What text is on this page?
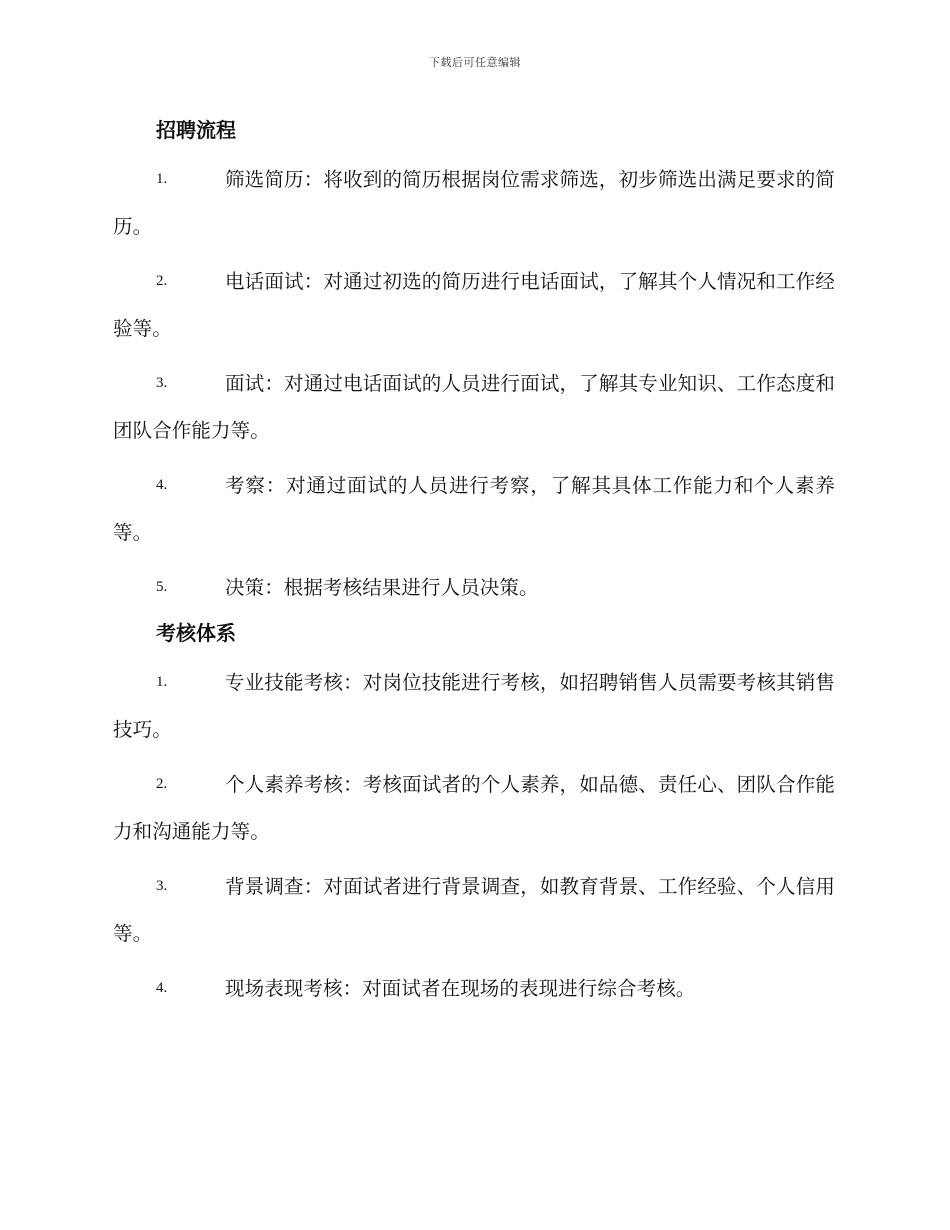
下载后可任意编辑
招聘流程
1.	筛选简历：将收到的简历根据岗位需求筛选，初步筛选出满足要求的简历。
2.	电话面试：对通过初选的简历进行电话面试，了解其个人情况和工作经验等。
3.	面试：对通过电话面试的人员进行面试，了解其专业知识、工作态度和团队合作能力等。
4.	考察：对通过面试的人员进行考察，了解其具体工作能力和个人素养等。
5.	决策：根据考核结果进行人员决策。
考核体系
1.	专业技能考核：对岗位技能进行考核，如招聘销售人员需要考核其销售技巧。
2.	个人素养考核：考核面试者的个人素养，如品德、责任心、团队合作能力和沟通能力等。
3.	背景调查：对面试者进行背景调查，如教育背景、工作经验、个人信用等。
4.	现场表现考核：对面试者在现场的表现进行综合考核。
